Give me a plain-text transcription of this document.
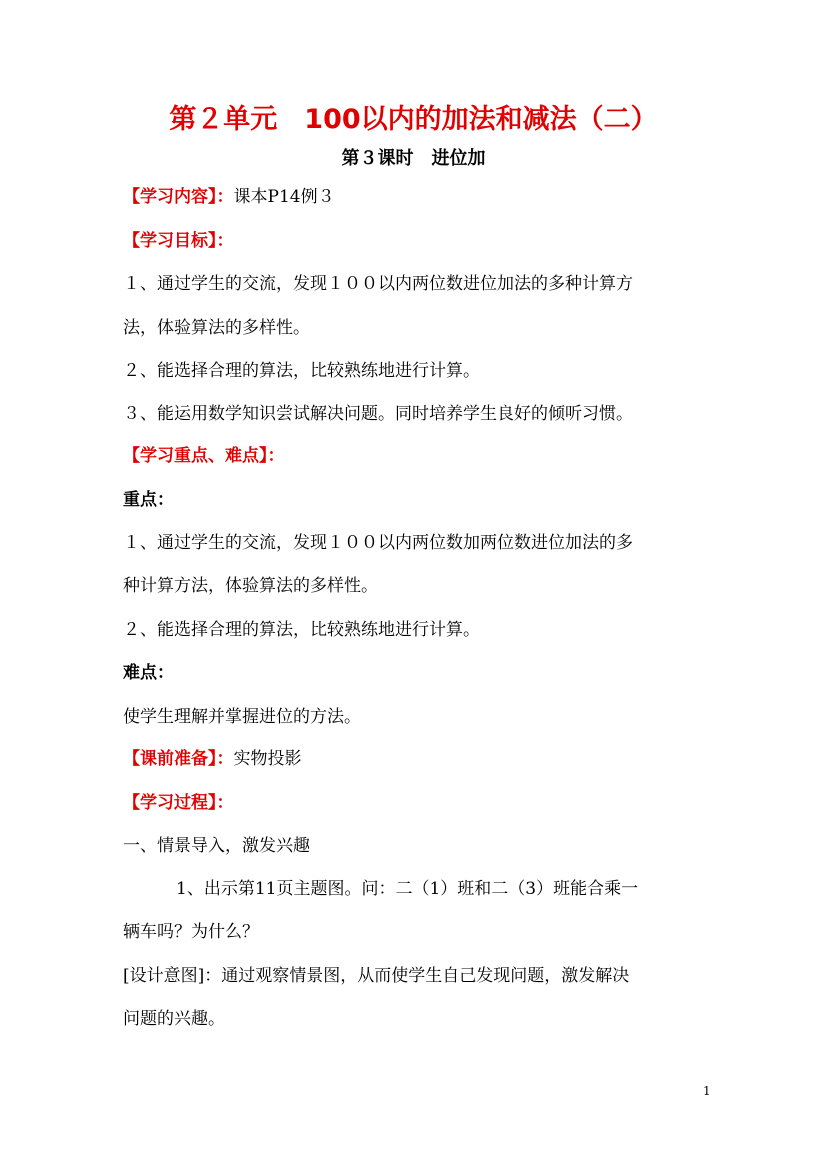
第２单元　100以内的加法和减法（二）
第３课时　进位加
【学习内容】：课本P14例３
【学习目标】：
１、通过学生的交流，发现１００以内两位数进位加法的多种计算方
法，体验算法的多样性。
２、能选择合理的算法，比较熟练地进行计算。
３、能运用数学知识尝试解决问题。同时培养学生良好的倾听习惯。
【学习重点、难点】：
重点：
１、通过学生的交流，发现１００以内两位数加两位数进位加法的多
种计算方法，体验算法的多样性。
２、能选择合理的算法，比较熟练地进行计算。
难点：
使学生理解并掌握进位的方法。
【课前准备】：实物投影
【学习过程】：
一、情景导入，激发兴趣
1、出示第11页主题图。问：二（1）班和二（3）班能合乘一
辆车吗？为什么？
[设计意图]：通过观察情景图，从而使学生自己发现问题，激发解决
问题的兴趣。
1
